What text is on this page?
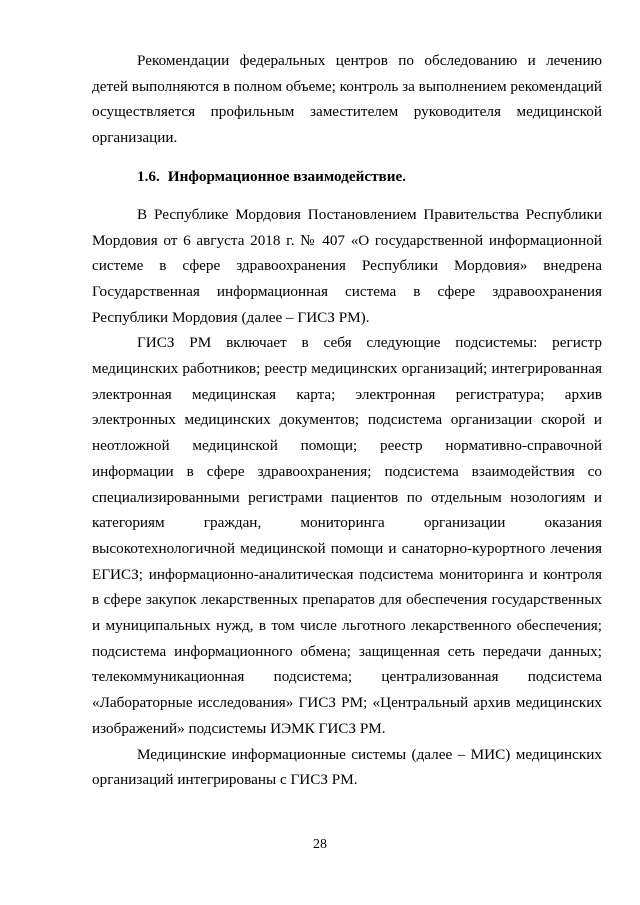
Рекомендации федеральных центров по обследованию и лечению детей выполняются в полном объеме; контроль за выполнением рекомендаций осуществляется профильным заместителем руководителя медицинской организации.

1.6. Информационное взаимодействие.

В Республике Мордовия Постановлением Правительства Республики Мордовия от 6 августа 2018 г. № 407 «О государственной информационной системе в сфере здравоохранения Республики Мордовия» внедрена Государственная информационная система в сфере здравоохранения Республики Мордовия (далее – ГИСЗ РМ).

ГИСЗ РМ включает в себя следующие подсистемы: регистр медицинских работников; реестр медицинских организаций; интегрированная электронная медицинская карта; электронная регистратура; архив электронных медицинских документов; подсистема организации скорой и неотложной медицинской помощи; реестр нормативно-справочной информации в сфере здравоохранения; подсистема взаимодействия со специализированными регистрами пациентов по отдельным нозологиям и категориям граждан, мониторинга организации оказания высокотехнологичной медицинской помощи и санаторно-курортного лечения ЕГИСЗ; информационно-аналитическая подсистема мониторинга и контроля в сфере закупок лекарственных препаратов для обеспечения государственных и муниципальных нужд, в том числе льготного лекарственного обеспечения; подсистема информационного обмена; защищенная сеть передачи данных; телекоммуникационная подсистема; централизованная подсистема «Лабораторные исследования» ГИСЗ РМ; «Центральный архив медицинских изображений» подсистемы ИЭМК ГИСЗ РМ.

Медицинские информационные системы (далее – МИС) медицинских организаций интегрированы с ГИСЗ РМ.

28
